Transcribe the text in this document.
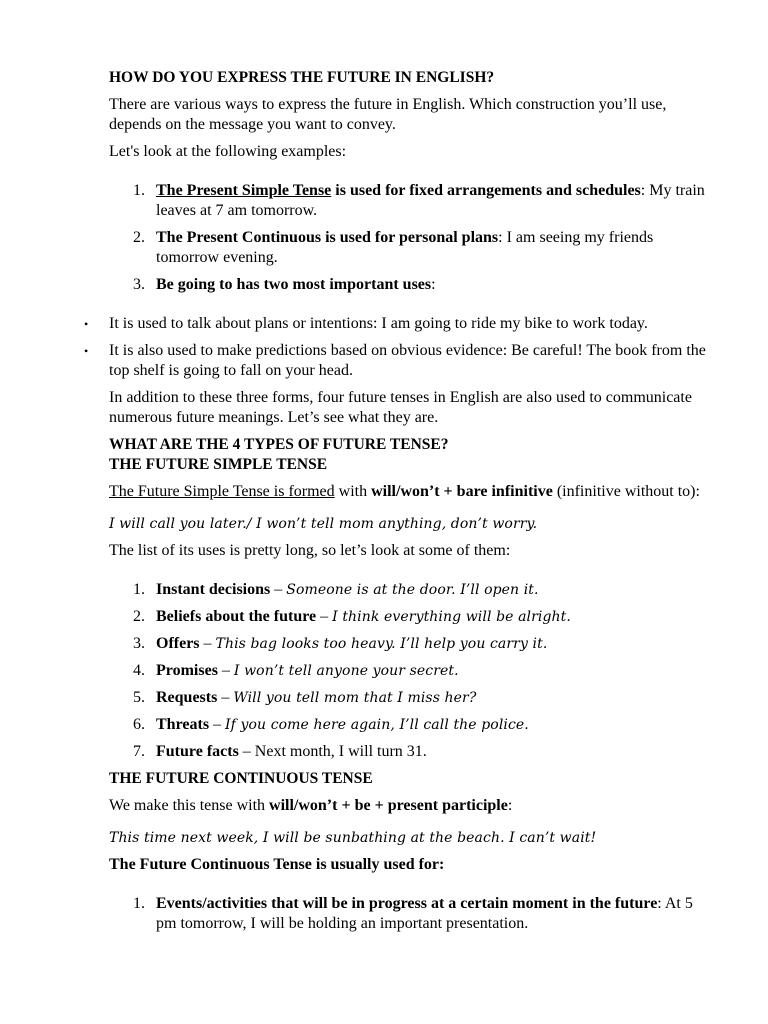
HOW DO YOU EXPRESS THE FUTURE IN ENGLISH?

There are various ways to express the future in English. Which construction you’ll use, depends on the message you want to convey.

Let's look at the following examples:

1. The Present Simple Tense is used for fixed arrangements and schedules: My train leaves at 7 am tomorrow.
2. The Present Continuous is used for personal plans: I am seeing my friends tomorrow evening.
3. Be going to has two most important uses:
• It is used to talk about plans or intentions: I am going to ride my bike to work today.
• It is also used to make predictions based on obvious evidence: Be careful! The book from the top shelf is going to fall on your head.

In addition to these three forms, four future tenses in English are also used to communicate numerous future meanings. Let’s see what they are.

WHAT ARE THE 4 TYPES OF FUTURE TENSE?

THE FUTURE SIMPLE TENSE

The Future Simple Tense is formed with will/won’t + bare infinitive (infinitive without to):

I will call you later./ I won’t tell mom anything, don’t worry.

The list of its uses is pretty long, so let’s look at some of them:

1. Instant decisions – Someone is at the door. I’ll open it.
2. Beliefs about the future – I think everything will be alright.
3. Offers – This bag looks too heavy. I’ll help you carry it.
4. Promises – I won’t tell anyone your secret.
5. Requests – Will you tell mom that I miss her?
6. Threats – If you come here again, I’ll call the police.
7. Future facts – Next month, I will turn 31.

THE FUTURE CONTINUOUS TENSE

We make this tense with will/won’t + be + present participle:

This time next week, I will be sunbathing at the beach. I can’t wait!

The Future Continuous Tense is usually used for:

1. Events/activities that will be in progress at a certain moment in the future: At 5 pm tomorrow, I will be holding an important presentation.
